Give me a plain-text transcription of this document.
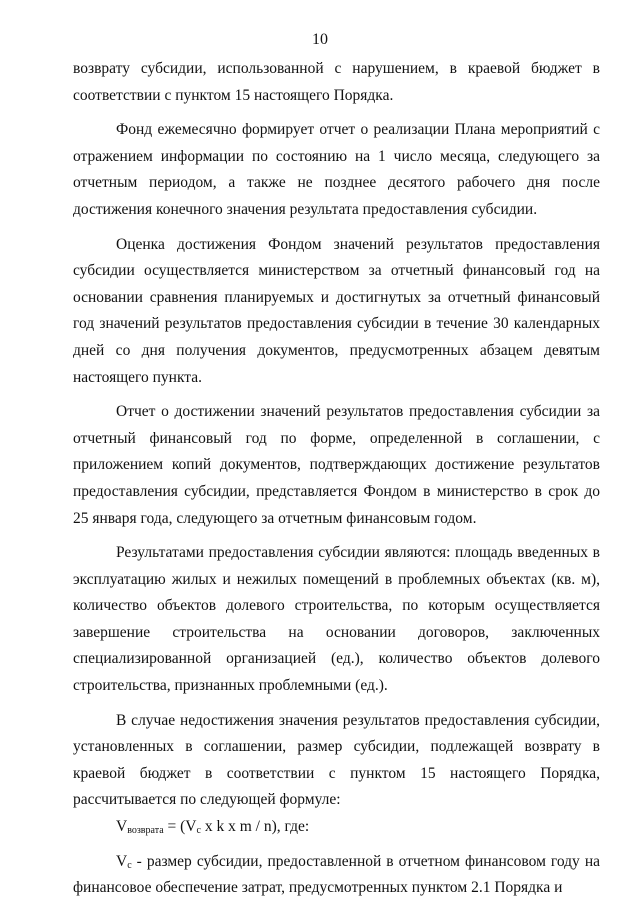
10

возврату субсидии, использованной с нарушением, в краевой бюджет в соответствии с пунктом 15 настоящего Порядка.

Фонд ежемесячно формирует отчет о реализации Плана мероприятий с отражением информации по состоянию на 1 число месяца, следующего за отчетным периодом, а также не позднее десятого рабочего дня после достижения конечного значения результата предоставления субсидии.

Оценка достижения Фондом значений результатов предоставления субсидии осуществляется министерством за отчетный финансовый год на основании сравнения планируемых и достигнутых за отчетный финансовый год значений результатов предоставления субсидии в течение 30 календарных дней со дня получения документов, предусмотренных абзацем девятым настоящего пункта.

Отчет о достижении значений результатов предоставления субсидии за отчетный финансовый год по форме, определенной в соглашении, с приложением копий документов, подтверждающих достижение результатов предоставления субсидии, представляется Фондом в министерство в срок до 25 января года, следующего за отчетным финансовым годом.

Результатами предоставления субсидии являются: площадь введенных в эксплуатацию жилых и нежилых помещений в проблемных объектах (кв. м), количество объектов долевого строительства, по которым осуществляется завершение строительства на основании договоров, заключенных специализированной организацией (ед.), количество объектов долевого строительства, признанных проблемными (ед.).

В случае недостижения значения результатов предоставления субсидии, установленных в соглашении, размер субсидии, подлежащей возврату в краевой бюджет в соответствии с пунктом 15 настоящего Порядка, рассчитывается по следующей формуле:

$V_{возврата} = (V_с$ x k x m / n), где:

$V_с$ - размер субсидии, предоставленной в отчетном финансовом году на финансовое обеспечение затрат, предусмотренных пунктом 2.1 Порядка и
